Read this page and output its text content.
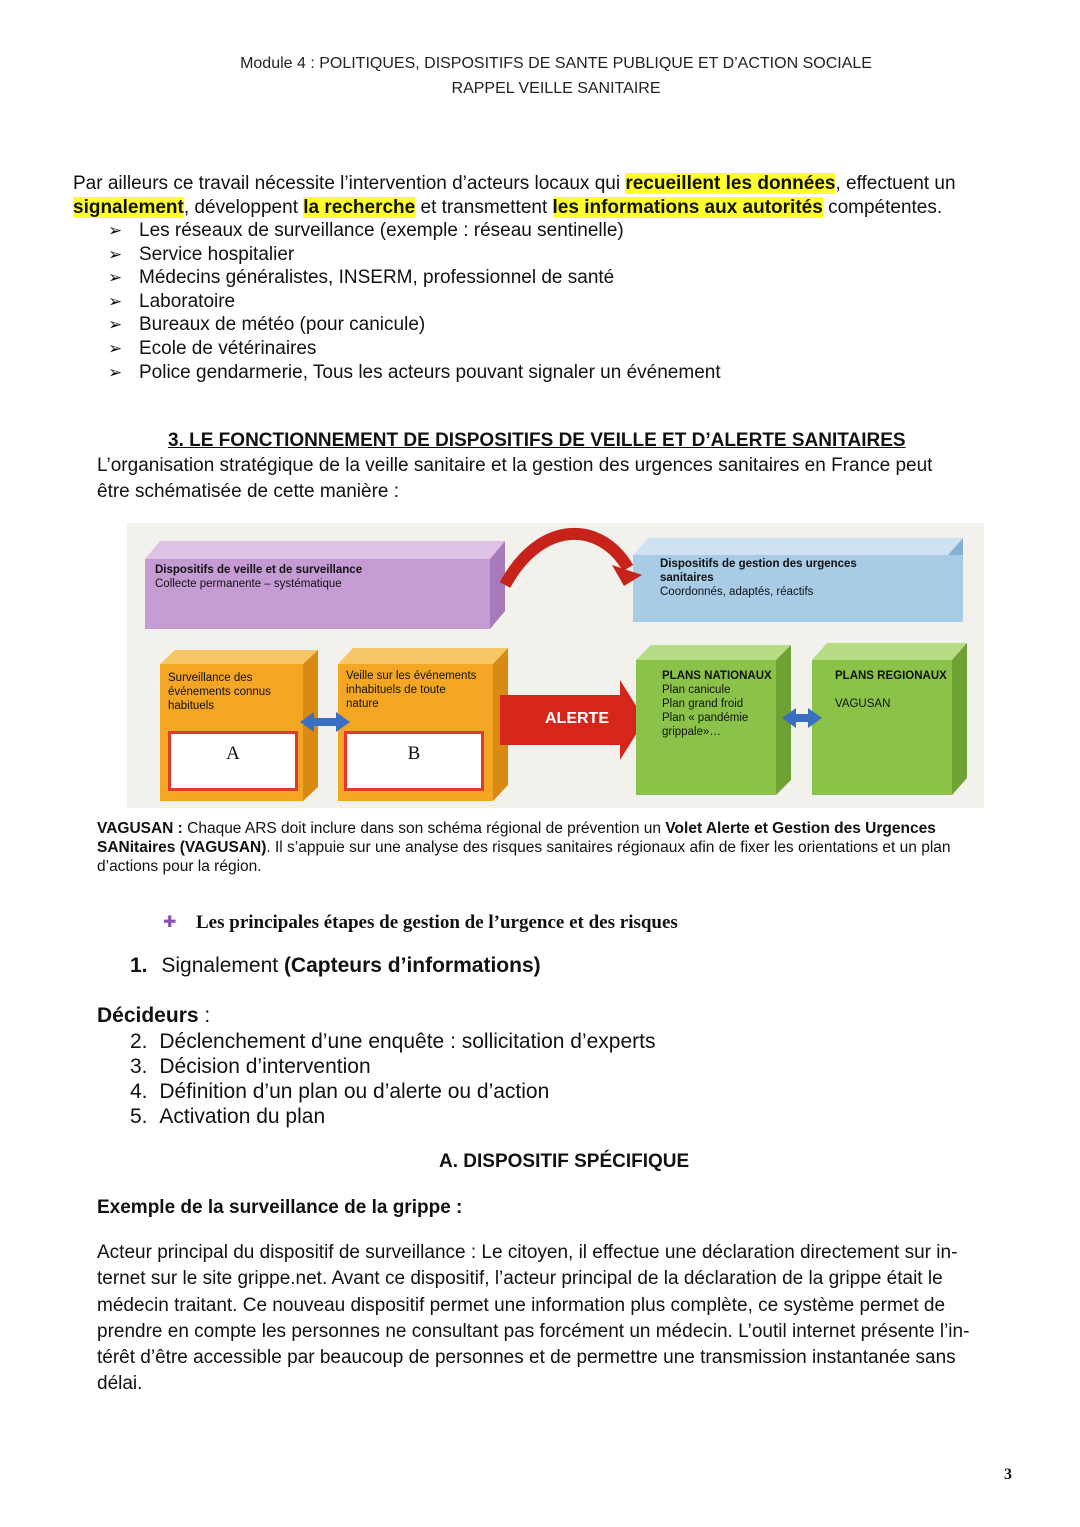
Module 4 : POLITIQUES, DISPOSITIFS DE SANTE PUBLIQUE ET D’ACTION SOCIALE
RAPPEL VEILLE SANITAIRE
Par ailleurs ce travail nécessite l’intervention d’acteurs locaux qui recueillent les données, effectuent un
signalement, développent la recherche et transmettent les informations aux autorités compétentes.
➢ Les réseaux de surveillance (exemple : réseau sentinelle)
➢ Service hospitalier
➢ Médecins généralistes, INSERM, professionnel de santé
➢ Laboratoire
➢ Bureaux de météo (pour canicule)
➢ Ecole de vétérinaires
➢ Police gendarmerie, Tous les acteurs pouvant signaler un événement
3. LE FONCTIONNEMENT DE DISPOSITIFS DE VEILLE ET D’ALERTE SANITAIRES
L’organisation stratégique de la veille sanitaire et la gestion des urgences sanitaires en France peut
être schématisée de cette manière :
Dispositifs de veille et de surveillance
Collecte permanente – systématique
Dispositifs de gestion des urgences
sanitaires
Coordonnés, adaptés, réactifs
Surveillance des
événements connus
habituels
A
Veille sur les événements
inhabituels de toute
nature
B
ALERTE
PLANS NATIONAUX
Plan canicule
Plan grand froid
Plan « pandémie
grippale»…
PLANS REGIONAUX

VAGUSAN
VAGUSAN : Chaque ARS doit inclure dans son schéma régional de prévention un Volet Alerte et Gestion des Urgences
SANitaires (VAGUSAN). Il s’appuie sur une analyse des risques sanitaires régionaux afin de fixer les orientations et un plan
d’actions pour la région.
✚ Les principales étapes de gestion de l’urgence et des risques
1. Signalement (Capteurs d’informations)
Décideurs :
2. Déclenchement d’une enquête : sollicitation d’experts
3. Décision d’intervention
4. Définition d’un plan ou d’alerte ou d’action
5. Activation du plan
A. DISPOSITIF SPÉCIFIQUE
Exemple de la surveillance de la grippe :
Acteur principal du dispositif de surveillance : Le citoyen, il effectue une déclaration directement sur in-
ternet sur le site grippe.net. Avant ce dispositif, l’acteur principal de la déclaration de la grippe était le
médecin traitant. Ce nouveau dispositif permet une information plus complète, ce système permet de
prendre en compte les personnes ne consultant pas forcément un médecin. L’outil internet présente l’in-
térêt d’être accessible par beaucoup de personnes et de permettre une transmission instantanée sans
délai.
3
